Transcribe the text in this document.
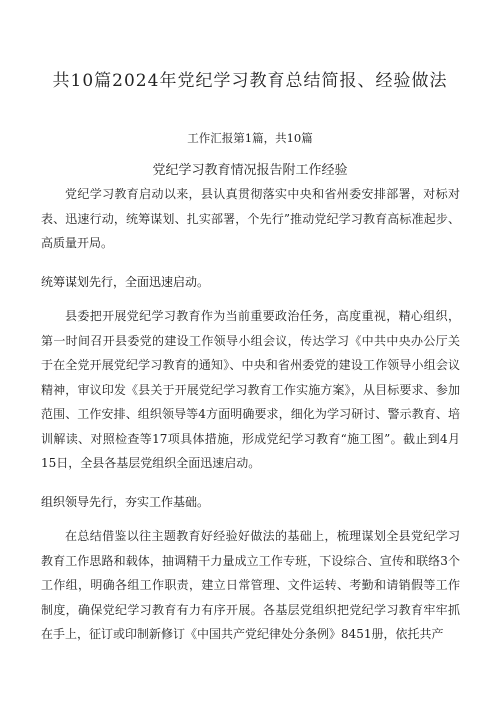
共10篇2024年党纪学习教育总结简报、经验做法
工作汇报第1篇，共10篇
党纪学习教育情况报告附工作经验

党纪学习教育启动以来，县认真贯彻落实中央和省州委安排部署，对标对表、迅速行动，统筹谋划、扎实部署，个先行”推动党纪学习教育高标准起步、高质量开局。

统筹谋划先行，全面迅速启动。

县委把开展党纪学习教育作为当前重要政治任务，高度重视，精心组织，第一时间召开县委党的建设工作领导小组会议，传达学习《中共中央办公厅关于在全党开展党纪学习教育的通知》、中央和省州委党的建设工作领导小组会议精神，审议印发《县关于开展党纪学习教育工作实施方案》，从目标要求、参加范围、工作安排、组织领导等4方面明确要求，细化为学习研讨、警示教育、培训解读、对照检查等17项具体措施，形成党纪学习教育“施工图”。截止到4月15日，全县各基层党组织全面迅速启动。

组织领导先行，夯实工作基础。

在总结借鉴以往主题教育好经验好做法的基础上，梳理谋划全县党纪学习教育工作思路和载体，抽调精干力量成立工作专班，下设综合、宣传和联络3个工作组，明确各组工作职责，建立日常管理、文件运转、考勤和请销假等工作制度，确保党纪学习教育有力有序开展。各基层党组织把党纪学习教育牢牢抓在手上，征订或印制新修订《中国共产党纪律处分条例》8451册，依托共产
